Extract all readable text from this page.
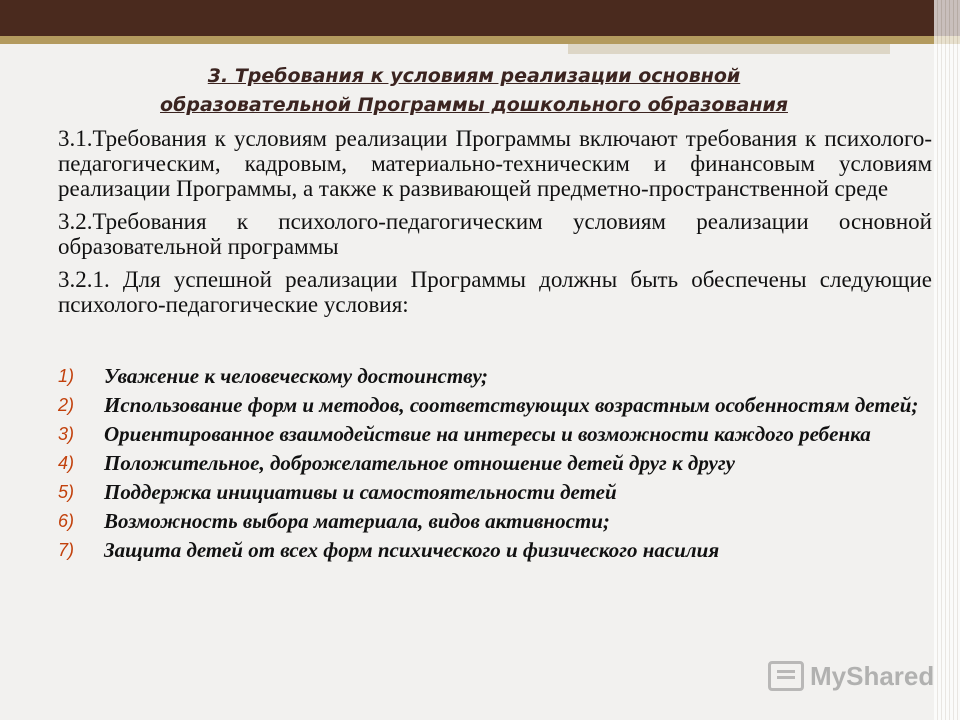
3. Требования к условиям реализации основной
образовательной Программы дошкольного образования

3.1.Требования к условиям реализации Программы включают требования к психолого-педагогическим, кадровым, материально-техническим и финансовым условиям реализации Программы, а также к развивающей предметно-пространственной среде

3.2.Требования к психолого-педагогическим условиям реализации основной образовательной программы

3.2.1. Для успешной реализации Программы должны быть обеспечены следующие психолого-педагогические условия:

1) Уважение к человеческому достоинству;
2) Использование форм и методов, соответствующих возрастным особенностям детей;
3) Ориентированное взаимодействие на интересы и возможности каждого ребенка
4) Положительное, доброжелательное отношение детей друг к другу
5) Поддержка инициативы и самостоятельности детей
6) Возможность выбора материала, видов активности;
7) Защита детей от всех форм психического и физического насилия
MyShared
